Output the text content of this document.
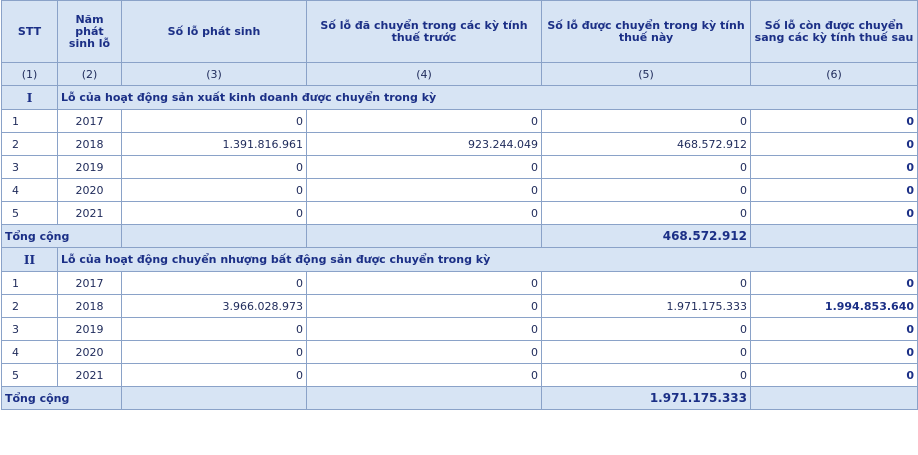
STT	Năm phát sinh lỗ	Số lỗ phát sinh	Số lỗ đã chuyển trong các kỳ tính thuế trước	Số lỗ được chuyển trong kỳ tính thuế này	Số lỗ còn được chuyển sang các kỳ tính thuế sau
(1)	(2)	(3)	(4)	(5)	(6)
I	Lỗ của hoạt động sản xuất kinh doanh được chuyển trong kỳ				
1	2017	0	0	0	0
2	2018	1.391.816.961	923.244.049	468.572.912	0
3	2019	0	0	0	0
4	2020	0	0	0	0
5	2021	0	0	0	0
Tổng cộng				468.572.912	
II	Lỗ của hoạt động chuyển nhượng bất động sản được chuyển trong kỳ				
1	2017	0	0	0	0
2	2018	3.966.028.973	0	1.971.175.333	1.994.853.640
3	2019	0	0	0	0
4	2020	0	0	0	0
5	2021	0	0	0	0
Tổng cộng				1.971.175.333	
